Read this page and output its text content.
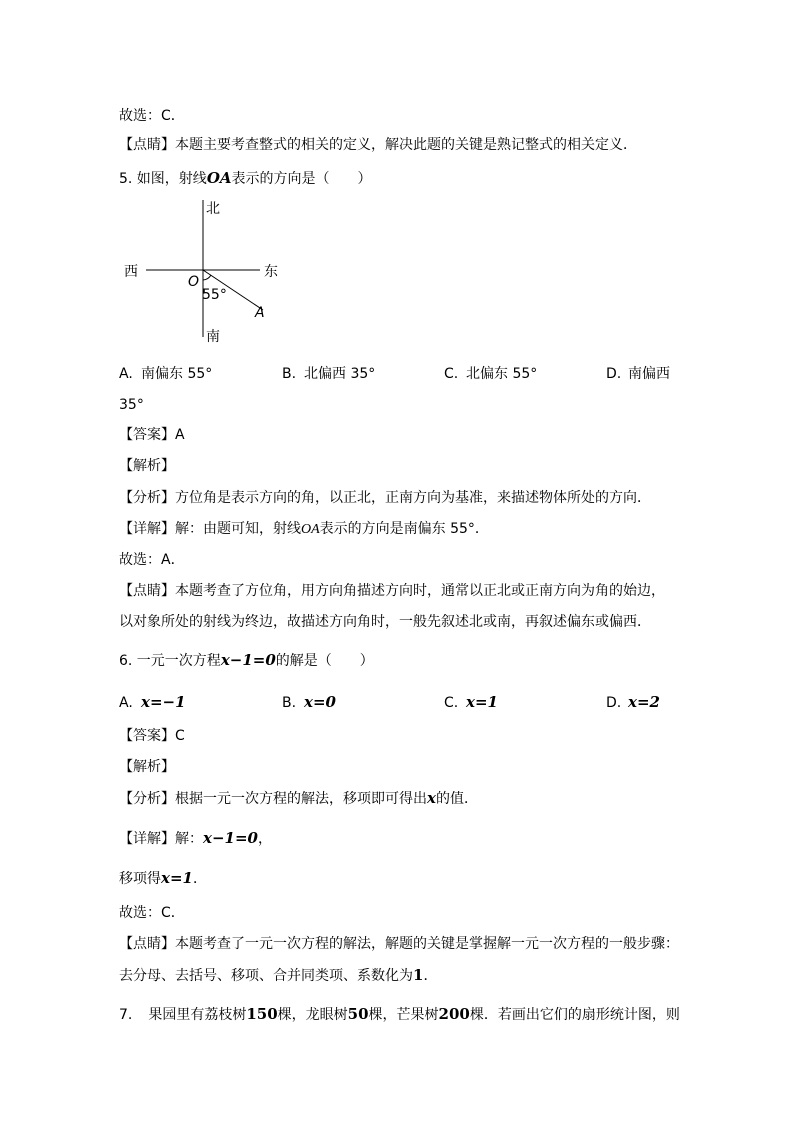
故选：C．
【点睛】本题主要考查整式的相关的定义，解决此题的关键是熟记整式的相关定义．
5. 如图，射线OA表示的方向是（　　）
北
南
东
西
O
A
55°
A. 南偏东 55°	B. 北偏西 35°	C. 北偏东 55°	D. 南偏西
35°
【答案】A
【解析】
【分析】方位角是表示方向的角，以正北，正南方向为基准，来描述物体所处的方向．
【详解】解：由题可知，射线OA表示的方向是南偏东 55°．
故选：A．
【点睛】本题考查了方位角，用方向角描述方向时，通常以正北或正南方向为角的始边，
以对象所处的射线为终边，故描述方向角时，一般先叙述北或南，再叙述偏东或偏西．
6. 一元一次方程x−1=0的解是（　　）
A. x=−1	B. x=0	C. x=1	D. x=2
【答案】C
【解析】
【分析】根据一元一次方程的解法，移项即可得出x的值．
【详解】解：x−1=0，
移项得x=1．
故选：C．
【点睛】本题考查了一元一次方程的解法，解题的关键是掌握解一元一次方程的一般步骤：
去分母、去括号、移项、合并同类项、系数化为1．
7. 果园里有荔枝树150棵，龙眼树50棵，芒果树200棵．若画出它们的扇形统计图，则
